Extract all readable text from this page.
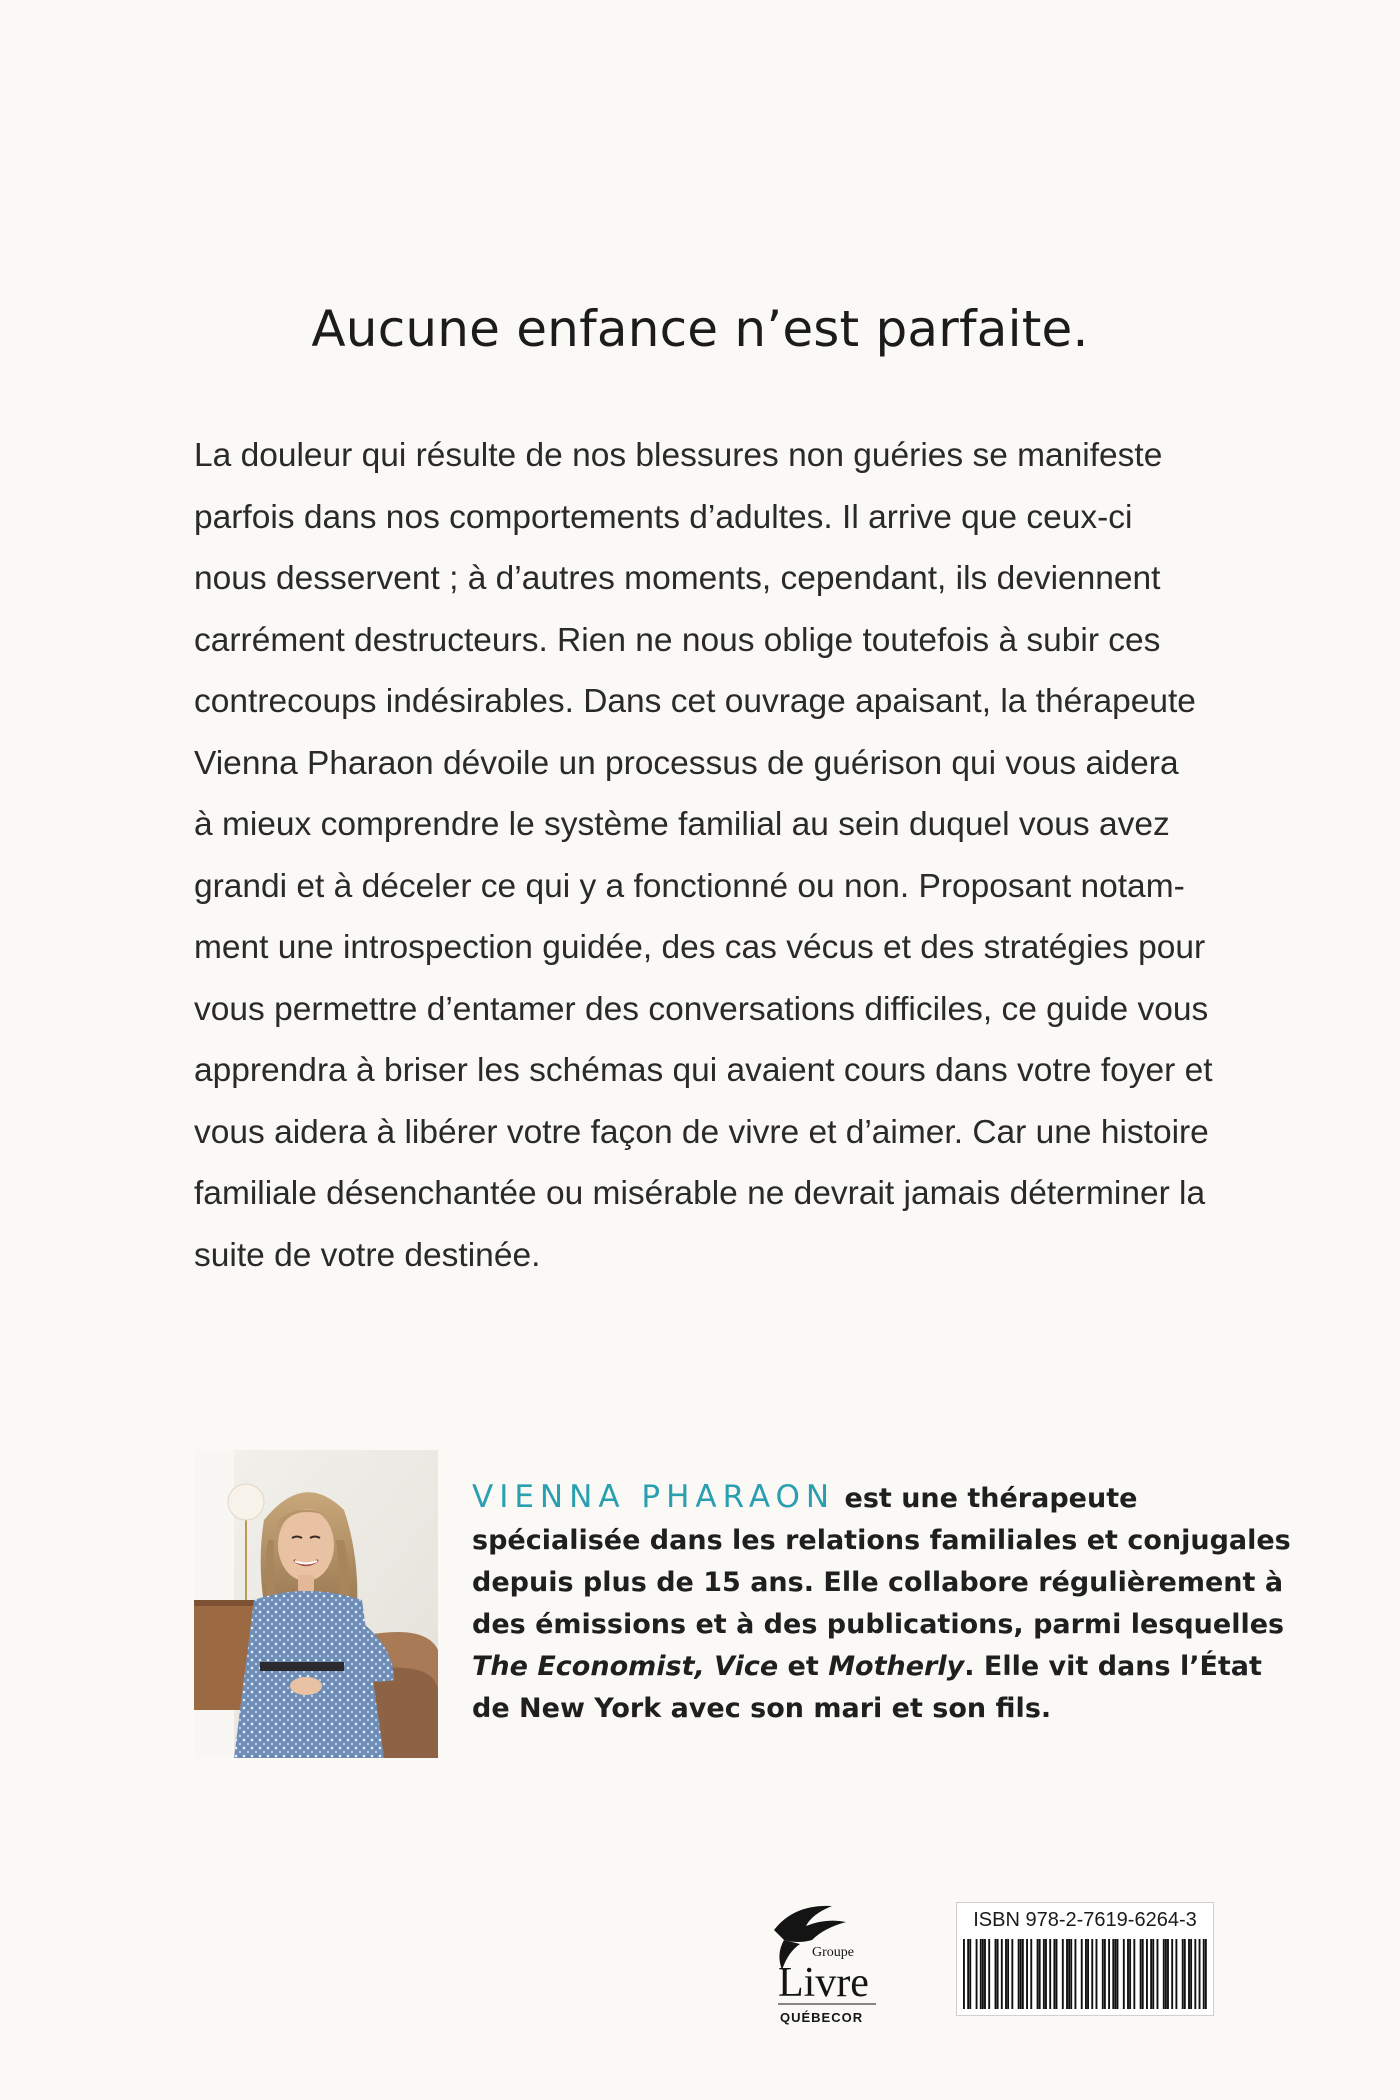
Aucune enfance n’est parfaite.
La douleur qui résulte de nos blessures non guéries se manifeste
parfois dans nos comportements d’adultes. Il arrive que ceux-ci
nous desservent ; à d’autres moments, cependant, ils deviennent
carrément destructeurs. Rien ne nous oblige toutefois à subir ces
contrecoups indésirables. Dans cet ouvrage apaisant, la thérapeute
Vienna Pharaon dévoile un processus de guérison qui vous aidera
à mieux comprendre le système familial au sein duquel vous avez
grandi et à déceler ce qui y a fonctionné ou non. Proposant notam-
ment une introspection guidée, des cas vécus et des stratégies pour
vous permettre d’entamer des conversations difficiles, ce guide vous
apprendra à briser les schémas qui avaient cours dans votre foyer et
vous aidera à libérer votre façon de vivre et d’aimer. Car une histoire
familiale désenchantée ou misérable ne devrait jamais déterminer la
suite de votre destinée.
VIENNA PHARAON est une thérapeute
spécialisée dans les relations familiales et conjugales
depuis plus de 15 ans. Elle collabore régulièrement à
des émissions et à des publications, parmi lesquelles
The Economist, Vice et Motherly. Elle vit dans l’État
de New York avec son mari et son fils.
Groupe
Livre
QUÉBECOR
ISBN 978-2-7619-6264-3
